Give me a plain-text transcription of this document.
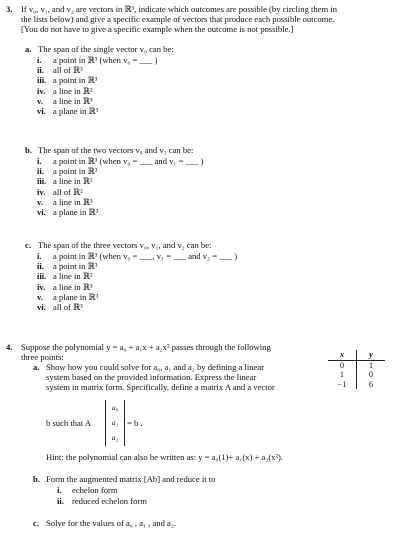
3. If v₀, v₁, and v₂ are vectors in ℝ³, indicate which outcomes are possible (by circling them in
the lists below) and give a specific example of vectors that produce each possible outcome.
[You do not have to give a specific example when the outcome is not possible.]
a. The span of the single vector v₀ can be:
i. a point in ℝ³ (when v₀ = ___ )
ii. all of ℝ³
iii. a point in ℝ³
iv. a line in ℝ²
v. a line in ℝ³
vi. a plane in ℝ³
b. The span of the two vectors v₀ and v₁ can be:
i. a point in ℝ³ (when v₀ = ___ and v₁ = ___ )
ii. a point in ℝ³
iii. a line in ℝ²
iv. all of ℝ²
v. a line in ℝ³
vi. a plane in ℝ³
c. The span of the three vectors v₀, v₁, and v₂ can be:
i. a point in ℝ³ (when v₀ = ___, v₁ = ___ and v₂ = ___ )
ii. a point in ℝ³
iii. a line in ℝ²
iv. a line in ℝ³
v. a plane in ℝ³
vi. all of ℝ³
4. Suppose the polynomial y = a₀ + a₁x + a₂x² passes through the following
three points:	x	y
0	1
1	0
−1	6
a. Show how you could solve for a₀, a₁ and a₂ by defining a linear
system based on the provided information. Express the linear
system in matrix form. Specifically, define a matrix A and a vector
b such that A
a₀
a₁
a₂
= b .
Hint: the polynomial can also be written as: y = a₀(1)+ a₁(x) + a₂(x²).
b. Form the augmented matrix [Ab] and reduce it to
i. echelon form
ii. reduced echelon form
c. Solve for the values of a₀ , a₁ , and a₂.
